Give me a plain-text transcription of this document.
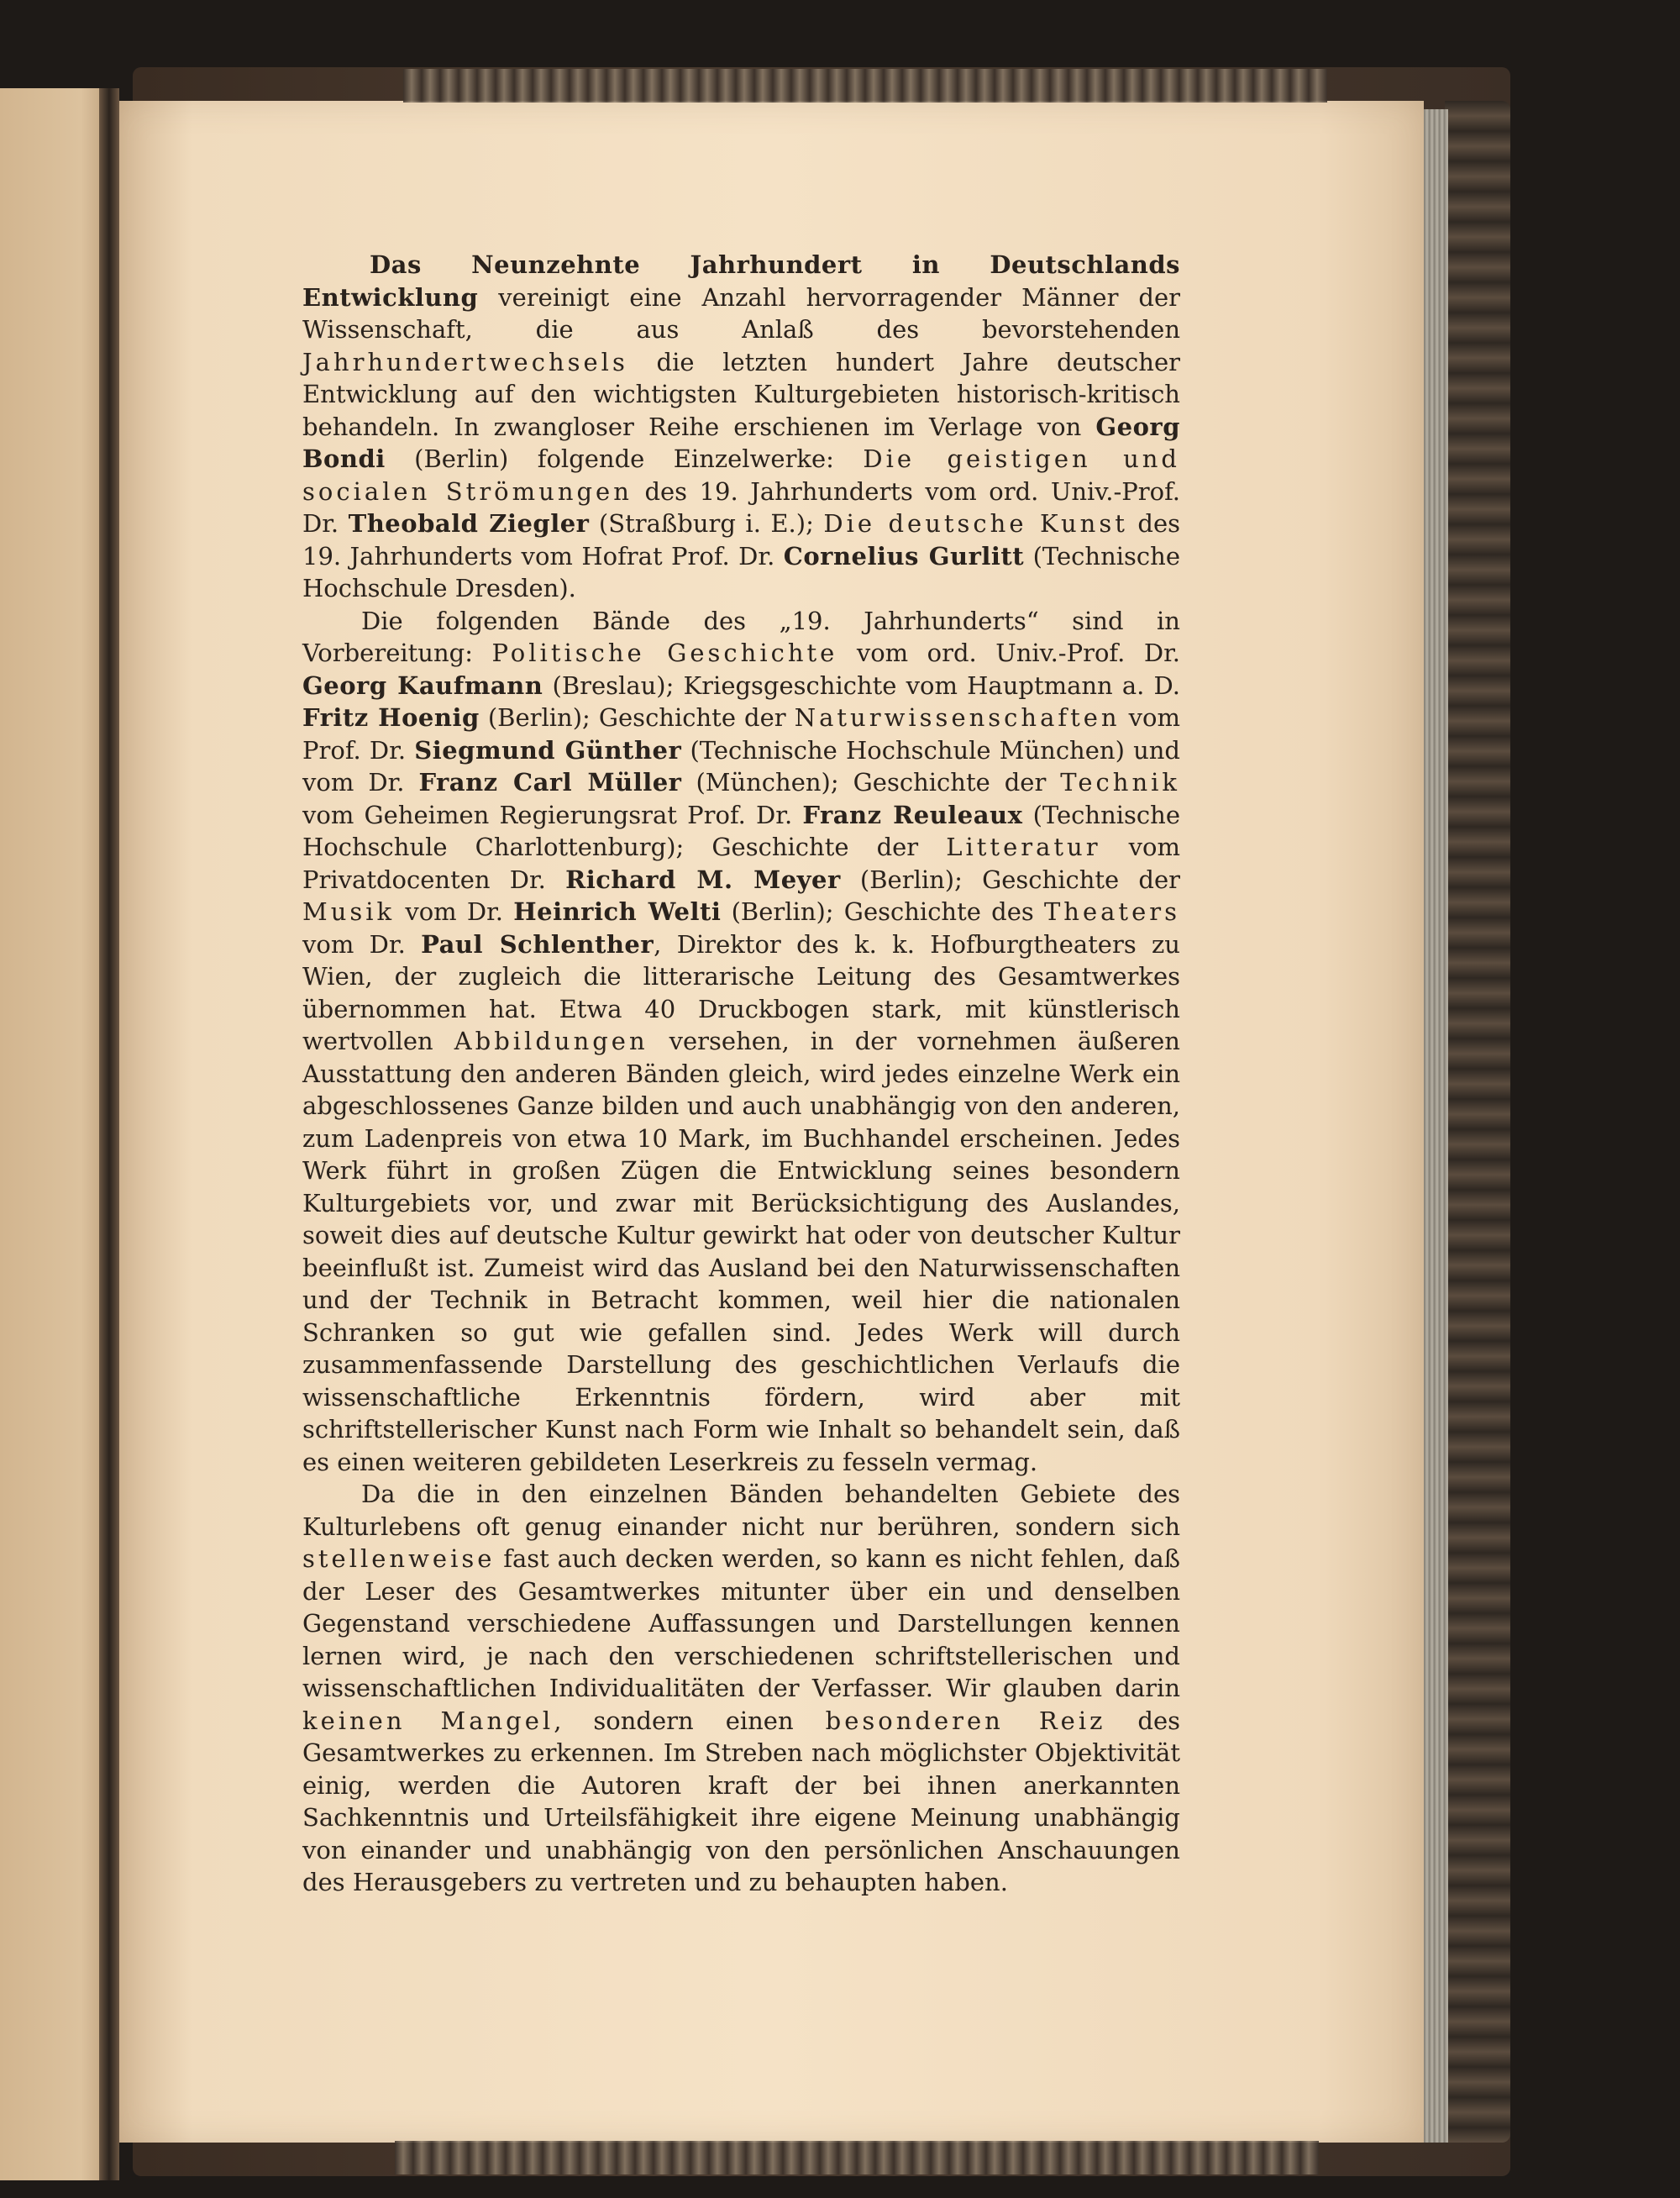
Das Neunzehnte Jahrhundert in Deutschlands Entwicklung vereinigt eine Anzahl hervorragender Männer der Wissenschaft, die aus Anlaß des bevorstehenden Jahrhundertwechsels die letzten hundert Jahre deutscher Entwicklung auf den wichtigsten Kulturgebieten historisch-kritisch behandeln. In zwangloser Reihe erschienen im Verlage von Georg Bondi (Berlin) folgende Einzelwerke: Die geistigen und socialen Strömungen des 19. Jahrhunderts vom ord. Univ.-Prof. Dr. Theobald Ziegler (Straßburg i. E.); Die deutsche Kunst des 19. Jahrhunderts vom Hofrat Prof. Dr. Cornelius Gurlitt (Technische Hochschule Dresden).

Die folgenden Bände des „19. Jahrhunderts“ sind in Vorbereitung: Politische Geschichte vom ord. Univ.-Prof. Dr. Georg Kaufmann (Breslau); Kriegsgeschichte vom Hauptmann a. D. Fritz Hoenig (Berlin); Geschichte der Naturwissenschaften vom Prof. Dr. Siegmund Günther (Technische Hochschule München) und vom Dr. Franz Carl Müller (München); Geschichte der Technik vom Geheimen Regierungsrat Prof. Dr. Franz Reuleaux (Technische Hochschule Charlottenburg); Geschichte der Litteratur vom Privatdocenten Dr. Richard M. Meyer (Berlin); Geschichte der Musik vom Dr. Heinrich Welti (Berlin); Geschichte des Theaters vom Dr. Paul Schlenther, Direktor des k. k. Hofburgtheaters zu Wien, der zugleich die litterarische Leitung des Gesamtwerkes übernommen hat. Etwa 40 Druckbogen stark, mit künstlerisch wertvollen Abbildungen versehen, in der vornehmen äußeren Ausstattung den anderen Bänden gleich, wird jedes einzelne Werk ein abgeschlossenes Ganze bilden und auch unabhängig von den anderen, zum Ladenpreis von etwa 10 Mark, im Buchhandel erscheinen. Jedes Werk führt in großen Zügen die Entwicklung seines besondern Kulturgebiets vor, und zwar mit Berücksichtigung des Auslandes, soweit dies auf deutsche Kultur gewirkt hat oder von deutscher Kultur beeinflußt ist. Zumeist wird das Ausland bei den Naturwissenschaften und der Technik in Betracht kommen, weil hier die nationalen Schranken so gut wie gefallen sind. Jedes Werk will durch zusammenfassende Darstellung des geschichtlichen Verlaufs die wissenschaftliche Erkenntnis fördern, wird aber mit schriftstellerischer Kunst nach Form wie Inhalt so behandelt sein, daß es einen weiteren gebildeten Leserkreis zu fesseln vermag.

Da die in den einzelnen Bänden behandelten Gebiete des Kulturlebens oft genug einander nicht nur berühren, sondern sich stellenweise fast auch decken werden, so kann es nicht fehlen, daß der Leser des Gesamtwerkes mitunter über ein und denselben Gegenstand verschiedene Auffassungen und Darstellungen kennen lernen wird, je nach den verschiedenen schriftstellerischen und wissenschaftlichen Individualitäten der Verfasser. Wir glauben darin keinen Mangel, sondern einen besonderen Reiz des Gesamtwerkes zu erkennen. Im Streben nach möglichster Objektivität einig, werden die Autoren kraft der bei ihnen anerkannten Sachkenntnis und Urteilsfähigkeit ihre eigene Meinung unabhängig von einander und unabhängig von den persönlichen Anschauungen des Herausgebers zu vertreten und zu behaupten haben.
